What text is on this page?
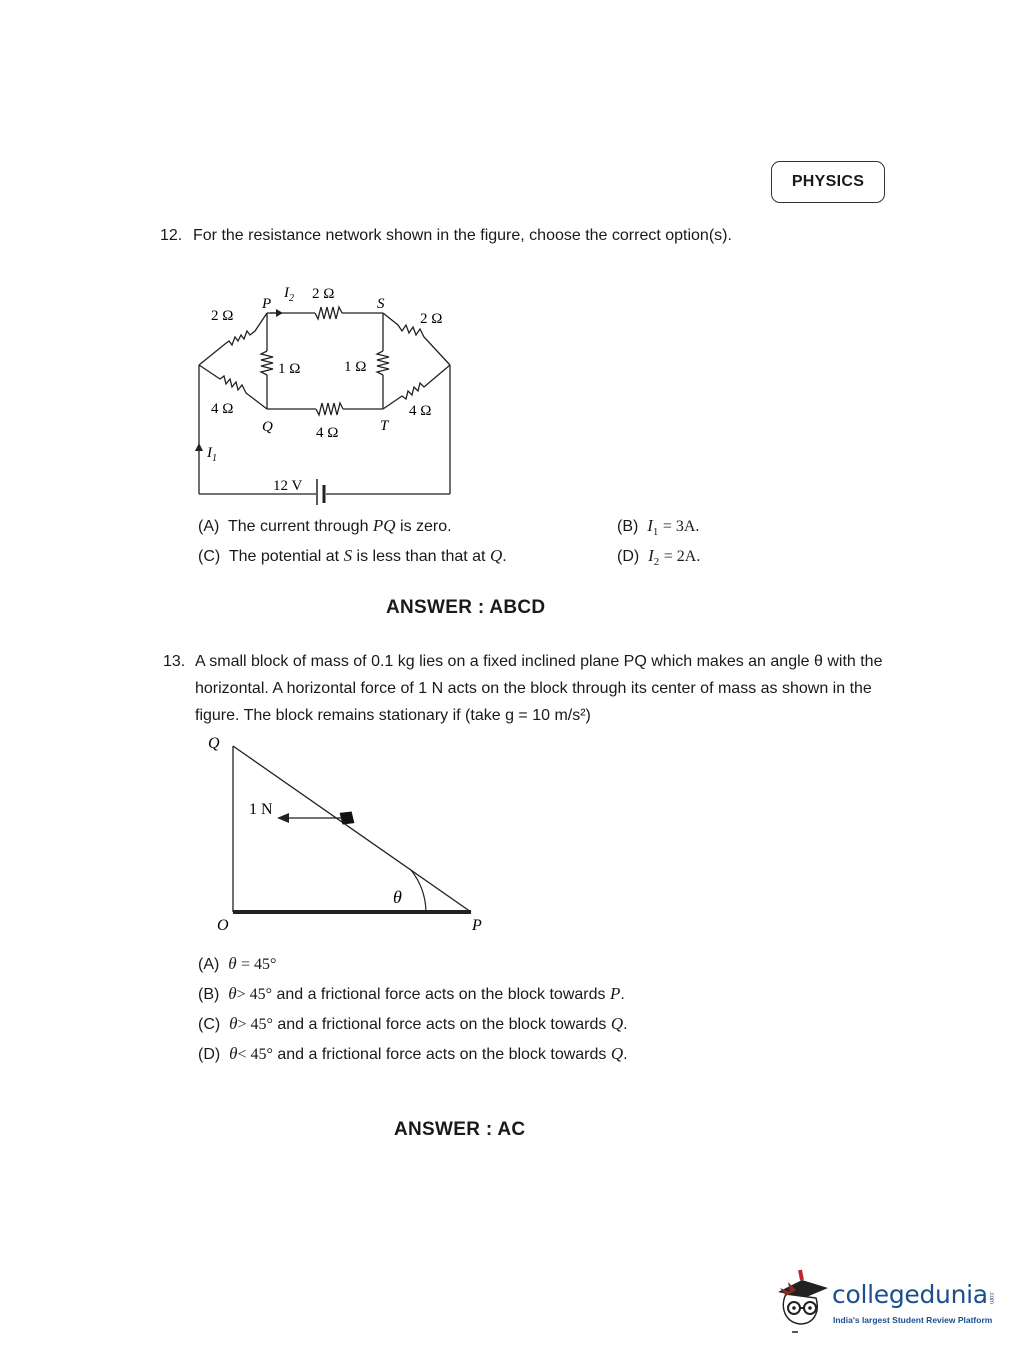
PHYSICS
12. For the resistance network shown in the figure, choose the correct option(s).
$I_2$ 2 Ω
P	S
2 Ω	2 Ω
1 Ω	1 Ω
4 Ω	4 Ω
Q	4 Ω	T
$I_1$
12 V
(A) The current through PQ is zero.	(B) $I_1 = 3A$.
(C) The potential at S is less than that at Q.	(D) $I_2 = 2A$.
ANSWER : ABCD
13. A small block of mass of 0.1 kg lies on a fixed inclined plane PQ which makes an angle θ with the horizontal. A horizontal force of 1 N acts on the block through its center of mass as shown in the figure. The block remains stationary if (take g = 10 m/s²)
Q
1 N
θ
O	P
(A) θ = 45°
(B) θ> 45° and a frictional force acts on the block towards P.
(C) θ> 45° and a frictional force acts on the block towards Q.
(D) θ< 45° and a frictional force acts on the block towards Q.
ANSWER : AC
collegedunia .com
India's largest Student Review Platform
